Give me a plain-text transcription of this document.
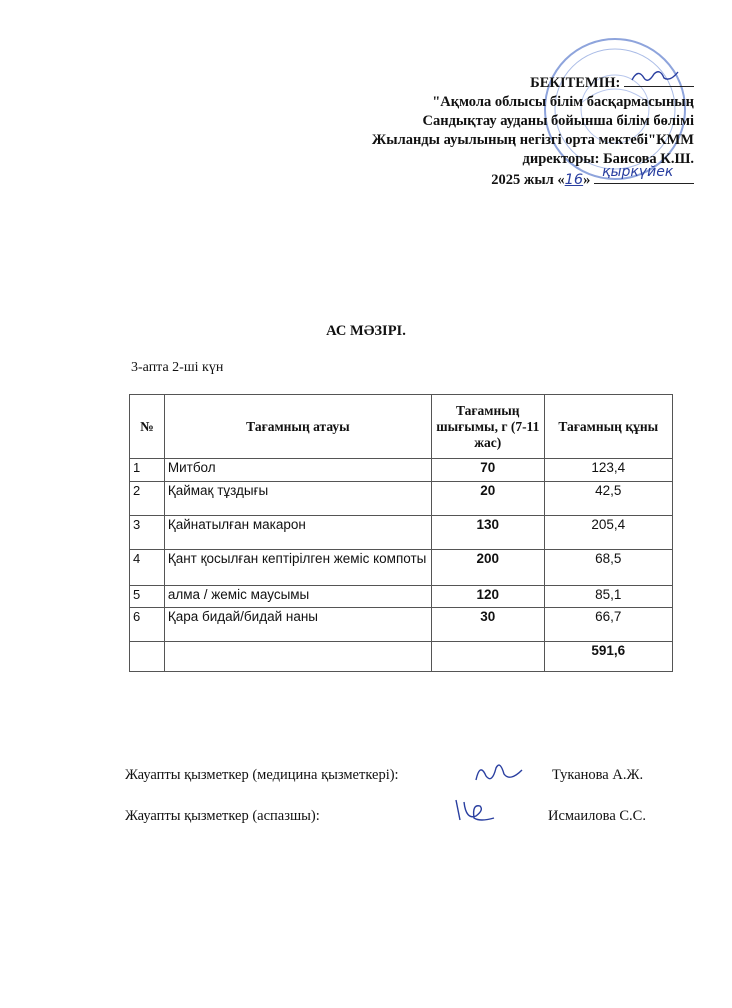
БЕКІТЕМІН:
"Ақмола облысы білім басқармасының
Сандықтау ауданы бойынша білім бөлімі
Жыланды ауылының негізгі орта мектебі"КММ
директоры: Баисова К.Ш.
2025 жыл «16» қыркүйек
АС МӘЗІРІ.
3-апта 2-ші күн
№	Тағамның атауы	Тағамның шығымы, г (7-11 жас)	Тағамның құны
1	Митбол	70	123,4
2	Қаймақ тұздығы	20	42,5
3	Қайнатылған макарон	130	205,4
4	Қант қосылған кептірілген жеміс компоты	200	68,5
5	алма / жеміс маусымы	120	85,1
6	Қара бидай/бидай наны	30	66,7
			591,6
Жауапты қызметкер (медицина қызметкері):	Туканова А.Ж.
Жауапты қызметкер (аспазшы):	Исмаилова С.С.
